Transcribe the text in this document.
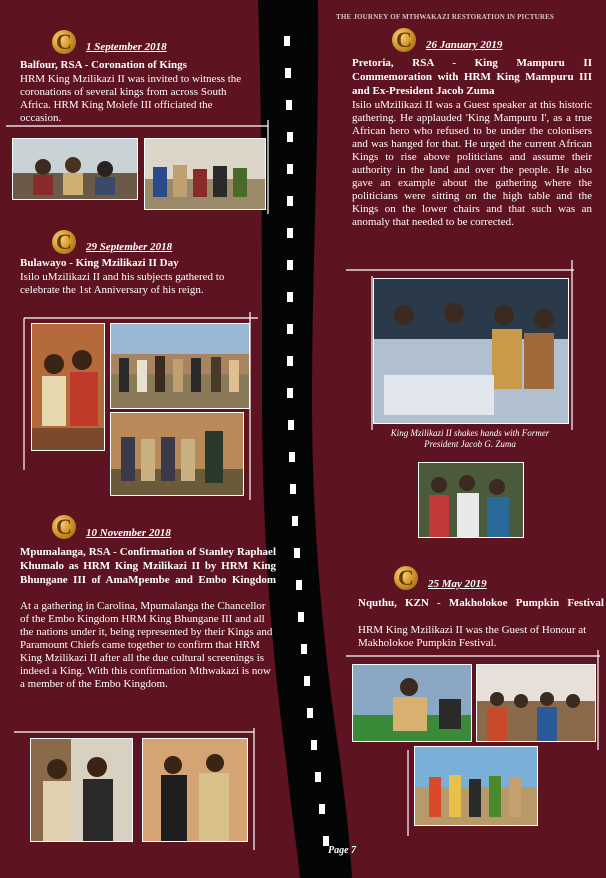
THE JOURNEY OF MTHWAKAZI RESTORATION IN PICTURES
C	1 September 2018
Balfour, RSA - Coronation of Kings
HRM King Mzilikazi II was invited to witness the coronations of several kings from across South Africa. HRM King Molefe III officiated the occasion.
C	29 September 2018
Bulawayo - King Mzilikazi II Day
Isilo uMzilikazi II and his subjects gathered to celebrate the 1st Anniversary of his reign.
C	10 November 2018
Mpumalanga, RSA - Confirmation of Stanley Raphael Khumalo as HRM King Mzilikazi II by HRM King Bhungane III of AmaMpembe and Embo Kingdom
At a gathering in Carolina, Mpumalanga the Chancellor of the Embo Kingdom HRM King Bhungane III and all the nations under it, being represented by their Kings and Paramount Chiefs came together to confirm that HRM King Mzilikazi II after all the due cultural screenings is indeed a King. With this confirmation Mthwakazi is now a member of the Embo Kingdom.
C	26 January 2019
Pretoria, RSA - King Mampuru II Commemoration with HRM King Mampuru III and Ex-President Jacob Zuma
Isilo uMzilikazi II was a Guest speaker at this historic gathering. He applauded 'King Mampuru I', as a true African hero who refused to be under the colonisers and was hanged for that. He urged the current African Kings to rise above politicians and assume their authority in the land and over the people. He also gave an example about the gathering where the politicians were sitting on the high table and the Kings on the lower chairs and that such was an anomaly that needed to be corrected.
King Mzilikazi II shakes hands with Former President Jacob G. Zuma
C	25 May 2019
Nquthu, KZN - Makholokoe Pumpkin Festival
HRM King Mzilikazi II was the Guest of Honour at Makholokoe Pumpkin Festival.
Page 7
